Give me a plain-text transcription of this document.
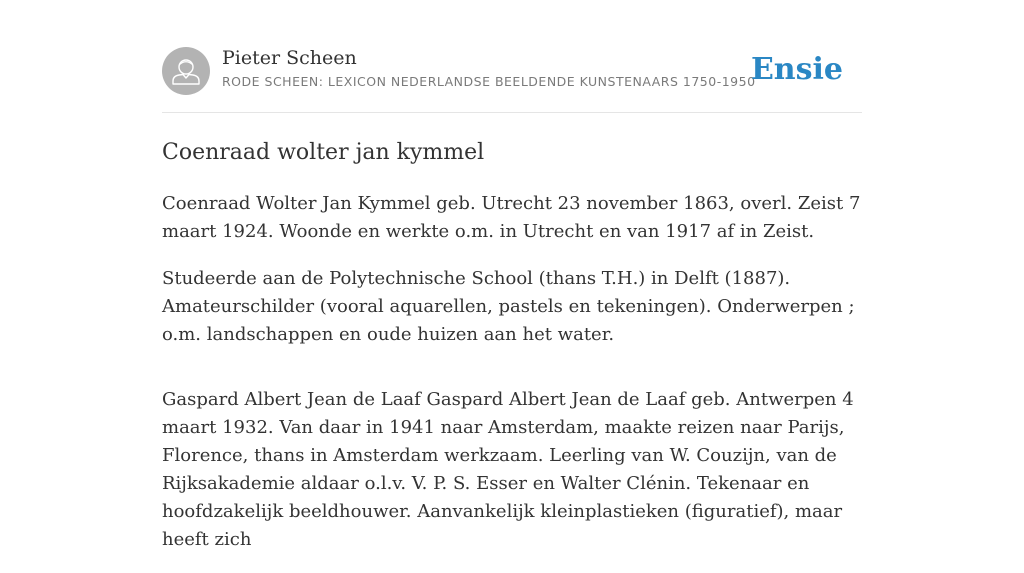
Pieter Scheen
RODE SCHEEN: LEXICON NEDERLANDSE BEELDENDE KUNSTENAARS 1750-1950
Ensie
Coenraad wolter jan kymmel

Coenraad Wolter Jan Kymmel geb. Utrecht 23 november 1863, overl. Zeist 7 maart 1924. Woonde en werkte o.m. in Utrecht en van 1917 af in Zeist.

Studeerde aan de Polytechnische School (thans T.H.) in Delft (1887). Amateurschilder (vooral aquarellen, pastels en tekeningen). Onderwerpen ; o.m. landschappen en oude huizen aan het water.

Gaspard Albert Jean de Laaf Gaspard Albert Jean de Laaf geb. Antwerpen 4 maart 1932. Van daar in 1941 naar Amsterdam, maakte reizen naar Parijs, Florence, thans in Amsterdam werkzaam. Leerling van W. Couzijn, van de Rijksakademie aldaar o.l.v. V. P. S. Esser en Walter Clénin. Tekenaar en hoofdzakelijk beeldhouwer. Aanvankelijk kleinplastieken (figuratief), maar heeft zich
